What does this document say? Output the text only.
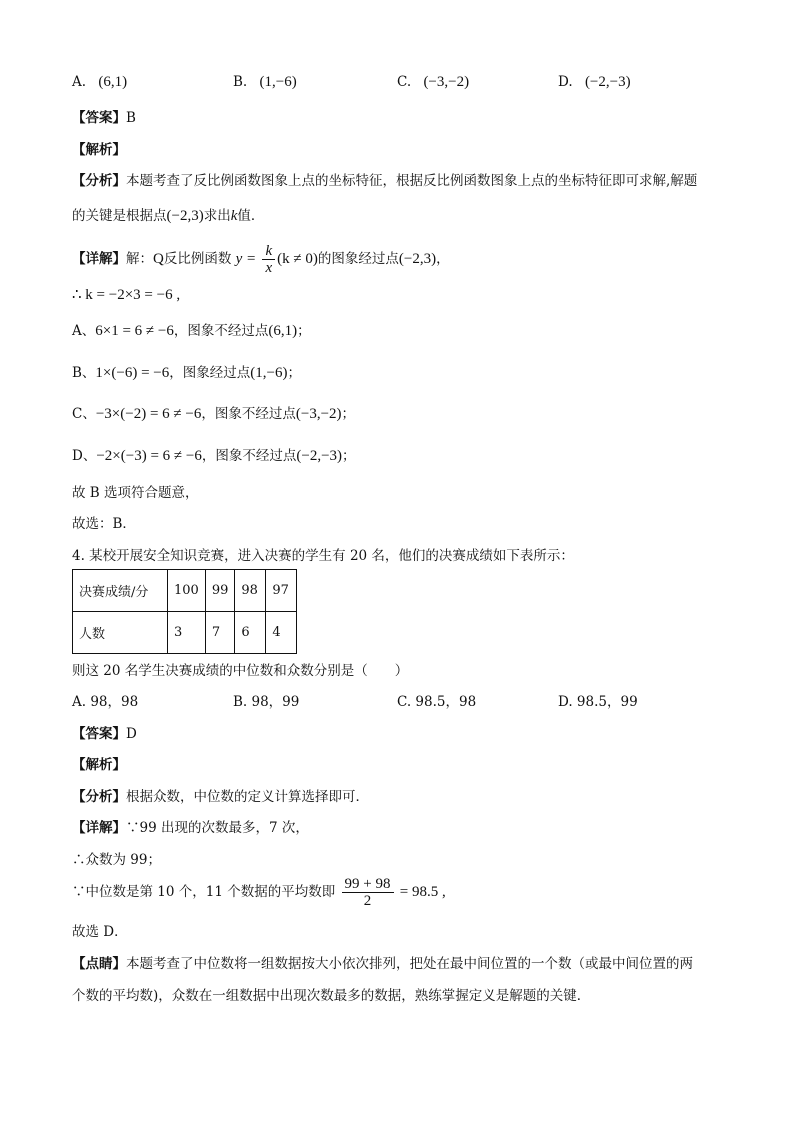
A. (6,1)	B. (1,−6)	C. (−3,−2)	D. (−2,−3)
【答案】B
【解析】
【分析】本题考查了反比例函数图象上点的坐标特征，根据反比例函数图象上点的坐标特征即可求解,解题
的关键是根据点(−2,3)求出k值．
【详解】解：Q反比例函数 $y = \frac{k}{x} (k \ne 0)$的图象经过点(−2,3)，
∴ k = −2×3 = −6 ,
A、6×1 = 6 ≠ −6，图象不经过点(6,1)；
B、1×(−6) = −6，图象经过点(1,−6)；
C、−3×(−2) = 6 ≠ −6，图象不经过点(−3,−2)；
D、−2×(−3) = 6 ≠ −6，图象不经过点(−2,−3)；
故 B 选项符合题意，
故选：B．
4. 某校开展安全知识竞赛，进入决赛的学生有 20 名，他们的决赛成绩如下表所示：
决赛成绩/分	100	99	98	97
人数	3	7	6	4
则这 20 名学生决赛成绩的中位数和众数分别是（　　）
A. 98，98	B. 98，99	C. 98.5，98	D. 98.5，99
【答案】D
【解析】
【分析】根据众数，中位数的定义计算选择即可．
【详解】∵99 出现的次数最多，7 次，
∴众数为 99；
∵中位数是第 10 个，11 个数据的平均数即 $\frac{99 + 98}{2} = 98.5$ ,
故选 D．
【点睛】本题考查了中位数将一组数据按大小依次排列，把处在最中间位置的一个数（或最中间位置的两
个数的平均数)，众数在一组数据中出现次数最多的数据，熟练掌握定义是解题的关键．
